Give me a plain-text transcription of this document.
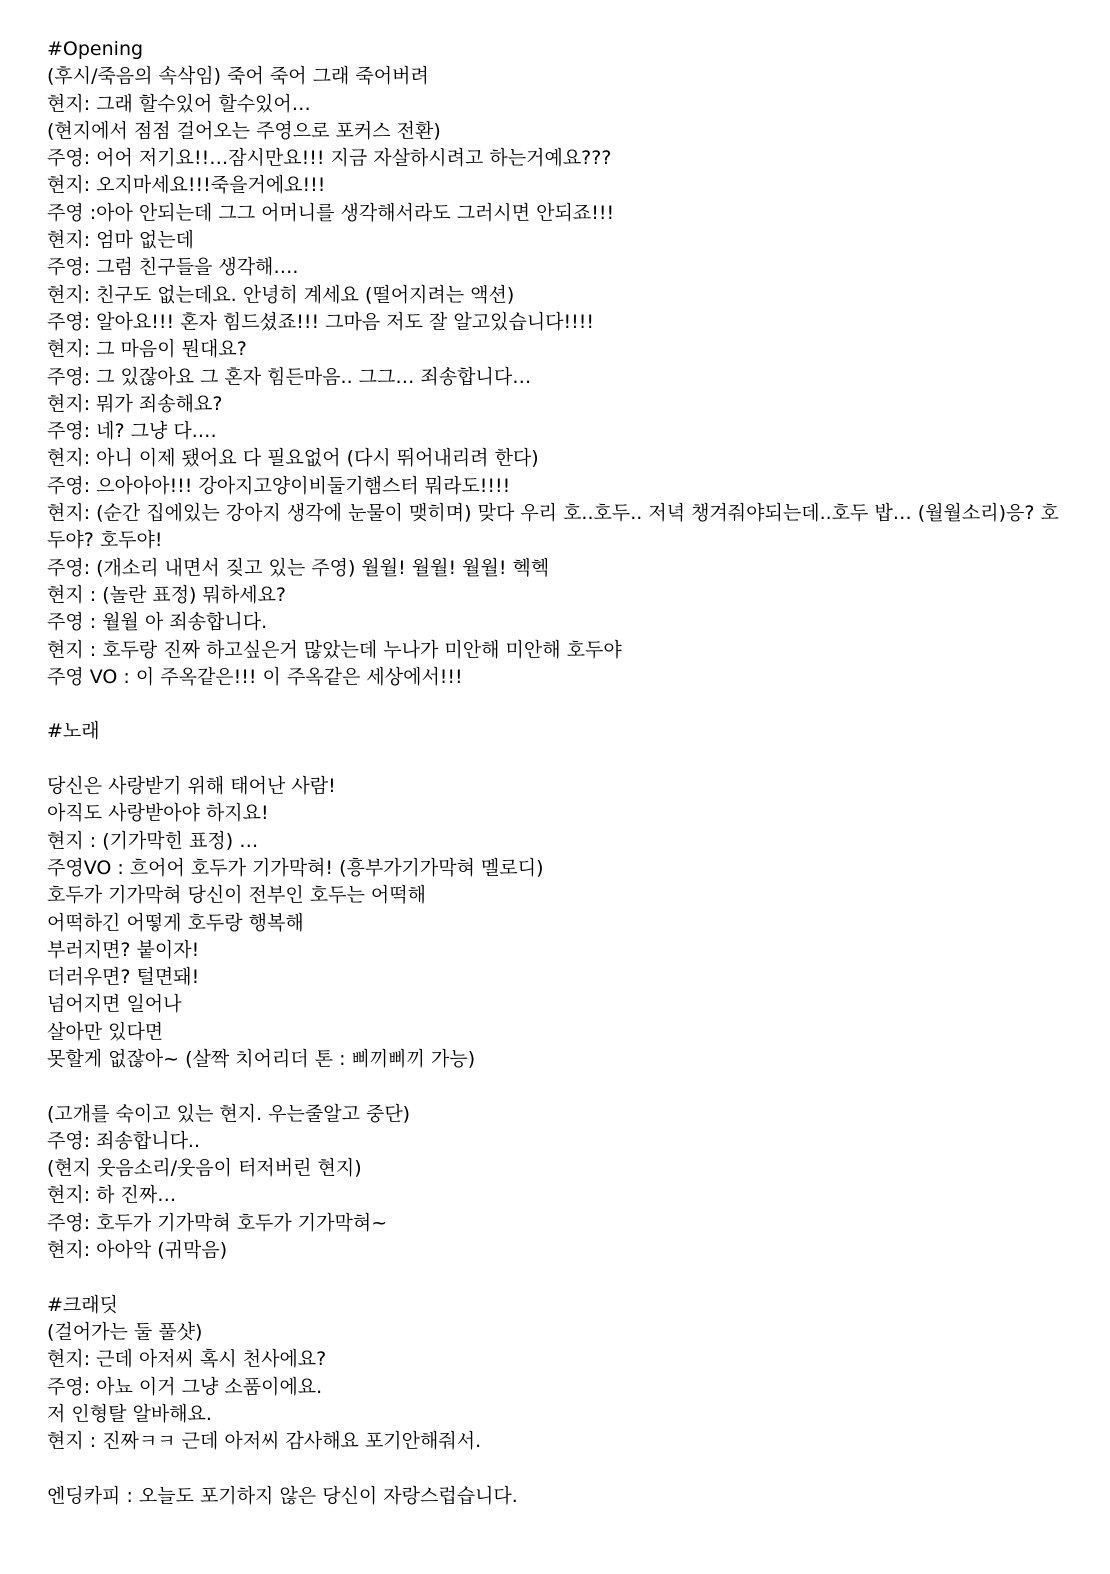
#Opening

(후시/죽음의 속삭임) 죽어 죽어 그래 죽어버려

현지: 그래 할수있어 할수있어…

(현지에서 점점 걸어오는 주영으로 포커스 전환)

주영: 어어 저기요!!…잠시만요!!! 지금 자살하시려고 하는거예요???

현지: 오지마세요!!!죽을거에요!!!

주영 :아아 안되는데 그그 어머니를 생각해서라도 그러시면 안되죠!!!

현지: 엄마 없는데

주영: 그럼 친구들을 생각해….

현지: 친구도 없는데요. 안녕히 계세요 (떨어지려는 액션)

주영: 알아요!!! 혼자 힘드셨죠!!! 그마음 저도 잘 알고있습니다!!!!

현지: 그 마음이 뭔대요?

주영: 그 있잖아요 그 혼자 힘든마음.. 그그… 죄송합니다…

현지: 뭐가 죄송해요?

주영: 네? 그냥 다.…

현지: 아니 이제 됐어요 다 필요없어 (다시 뛰어내리려 한다)

주영: 으아아아!!! 강아지고양이비둘기햄스터 뭐라도!!!!

현지: (순간 집에있는 강아지 생각에 눈물이 맺히며) 맞다 우리 호..호두.. 저녁 챙겨줘야되는데..호두 밥… (월월소리)응? 호두야? 호두야!

주영: (개소리 내면서 짖고 있는 주영) 월월! 월월! 월월! 헥헥

현지 : (놀란 표정) 뭐하세요?

주영 : 월월 아 죄송합니다.

현지 : 호두랑 진짜 하고싶은거 많았는데 누나가 미안해 미안해 호두야

주영 VO : 이 주옥같은!!! 이 주옥같은 세상에서!!!

#노래

당신은 사랑받기 위해 태어난 사람!

아직도 사랑받아야 하지요!

현지 : (기가막힌 표정) …

주영VO : 흐어어 호두가 기가막혀! (흥부가기가막혀 멜로디)

호두가 기가막혀 당신이 전부인 호두는 어떡해

어떡하긴 어떻게 호두랑 행복해

부러지면? 붙이자!

더러우면? 털면돼!

넘어지면 일어나

살아만 있다면

못할게 없잖아~ (살짝 치어리더 톤 : 삐끼삐끼 가능)

(고개를 숙이고 있는 현지. 우는줄알고 중단)

주영: 죄송합니다..

(현지 웃음소리/웃음이 터저버린 현지)

현지: 하 진짜…

주영: 호두가 기가막혀 호두가 기가막혀~

현지: 아아악 (귀막음)

#크래딧

(걸어가는 둘 풀샷)

현지: 근데 아저씨 혹시 천사에요?

주영: 아뇨 이거 그냥 소품이에요.

저 인형탈 알바해요.

현지 : 진짜ㅋㅋ 근데 아저씨 감사해요 포기안해줘서.

엔딩카피 : 오늘도 포기하지 않은 당신이 자랑스럽습니다.
